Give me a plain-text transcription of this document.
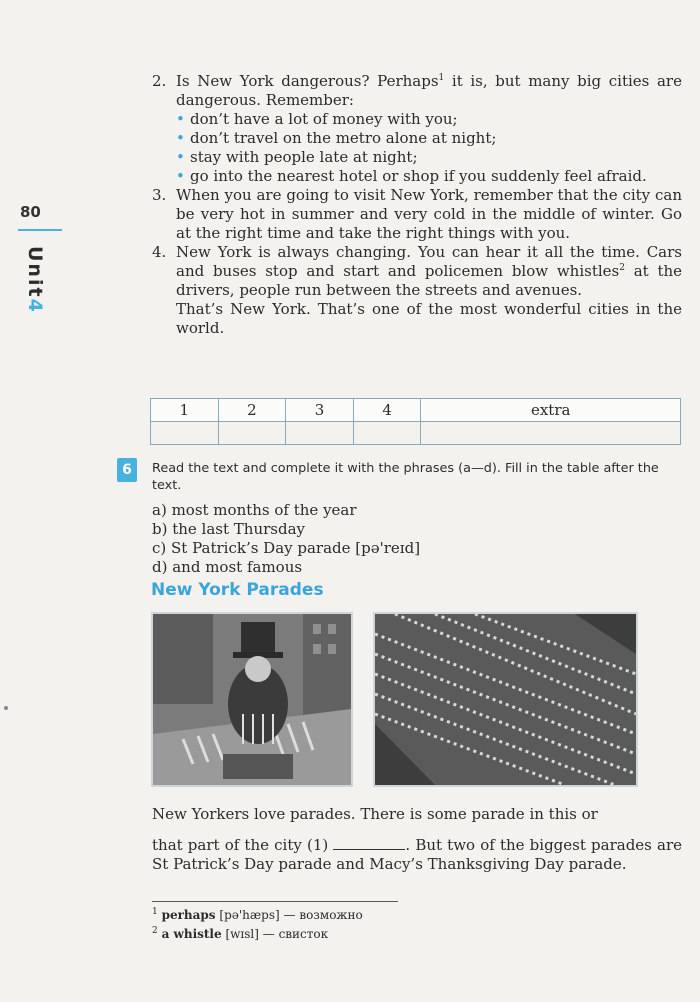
80
Unit4
2. Is New York dangerous? Perhaps$^1$ it is, but many big cities are dangerous. Remember:
• don’t have a lot of money with you;
• don’t travel on the metro alone at night;
• stay with people late at night;
• go into the nearest hotel or shop if you suddenly feel afraid.
3. When you are going to visit New York, remember that the city can be very hot in summer and very cold in the middle of winter. Go at the right time and take the right things with you.
4. New York is always changing. You can hear it all the time. Cars and buses stop and start and policemen blow whistles$^2$ at the drivers, people run between the streets and avenues.
That’s New York. That’s one of the most wonderful cities in the world.
1	2	3	4	extra

6	Read the text and complete it with the phrases (a—d). Fill in the table after the text.
a) most months of the year
b) the last Thursday
c) St Patrick’s Day parade [pə'reɪd]
d) and most famous
New York Parades
New Yorkers love parades. There is some parade in this or
that part of the city (1)	. But two of the biggest parades are St Patrick’s Day parade and Macy’s Thanksgiving Day parade.
$^1$ perhaps [pə'hæps] — возможно
$^2$ a whistle [wɪsl] — свисток
